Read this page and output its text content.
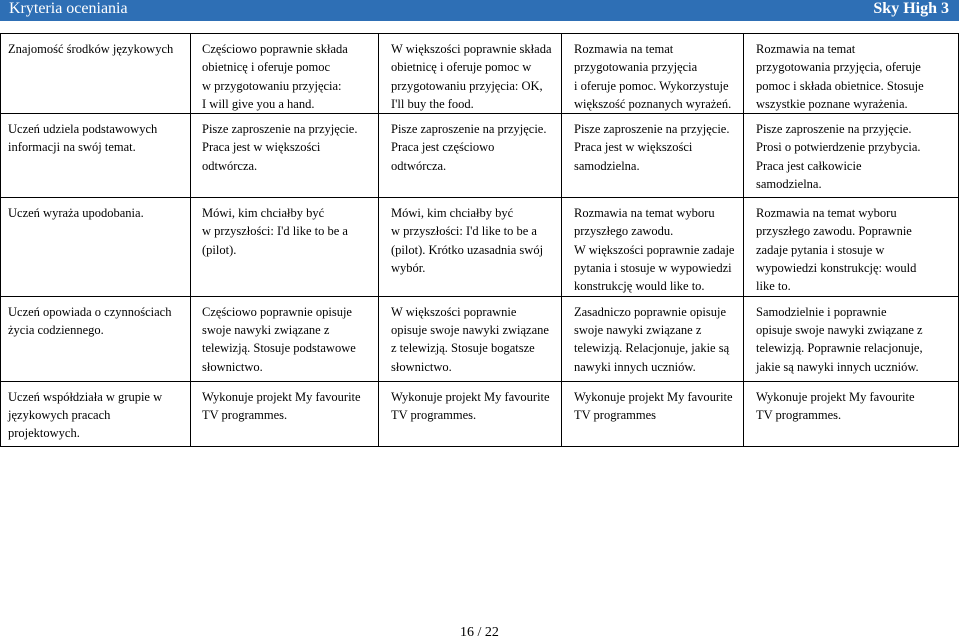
Kryteria oceniania	Sky High 3
Znajomość środków językowych	Częściowo poprawnie składa
obietnicę i oferuje pomoc
w przygotowaniu przyjęcia:
I will give you a hand.	W większości poprawnie składa
obietnicę i oferuje pomoc w
przygotowaniu przyjęcia: OK,
I'll buy the food.	Rozmawia na temat
przygotowania przyjęcia
i oferuje pomoc. Wykorzystuje
większość poznanych wyrażeń.	Rozmawia na temat
przygotowania przyjęcia, oferuje
pomoc i składa obietnice. Stosuje
wszystkie poznane wyrażenia.

Uczeń udziela podstawowych
informacji na swój temat.	Pisze zaproszenie na przyjęcie.
Praca jest w większości
odtwórcza.	Pisze zaproszenie na przyjęcie.
Praca jest częściowo
odtwórcza.	Pisze zaproszenie na przyjęcie.
Praca jest w większości
samodzielna.	Pisze zaproszenie na przyjęcie.
Prosi o potwierdzenie przybycia.
Praca jest całkowicie
samodzielna.

Uczeń wyraża upodobania.	Mówi, kim chciałby być
w przyszłości: I'd like to be a
(pilot).	Mówi, kim chciałby być
w przyszłości: I'd like to be a
(pilot). Krótko uzasadnia swój
wybór.	Rozmawia na temat wyboru
przyszłego zawodu.
W większości poprawnie zadaje
pytania i stosuje w wypowiedzi
konstrukcję would like to.	Rozmawia na temat wyboru
przyszłego zawodu. Poprawnie
zadaje pytania i stosuje w
wypowiedzi konstrukcję: would
like to.

Uczeń opowiada o czynnościach
życia codziennego.	Częściowo poprawnie opisuje
swoje nawyki związane z
telewizją. Stosuje podstawowe
słownictwo.	W większości poprawnie
opisuje swoje nawyki związane
z telewizją. Stosuje bogatsze
słownictwo.	Zasadniczo poprawnie opisuje
swoje nawyki związane z
telewizją. Relacjonuje, jakie są
nawyki innych uczniów.	Samodzielnie i poprawnie
opisuje swoje nawyki związane z
telewizją. Poprawnie relacjonuje,
jakie są nawyki innych uczniów.

Uczeń współdziała w grupie w
językowych pracach
projektowych.	Wykonuje projekt My favourite
TV programmes.	Wykonuje projekt My favourite
TV programmes.	Wykonuje projekt My favourite
TV programmes	Wykonuje projekt My favourite
TV programmes.
16 / 22
